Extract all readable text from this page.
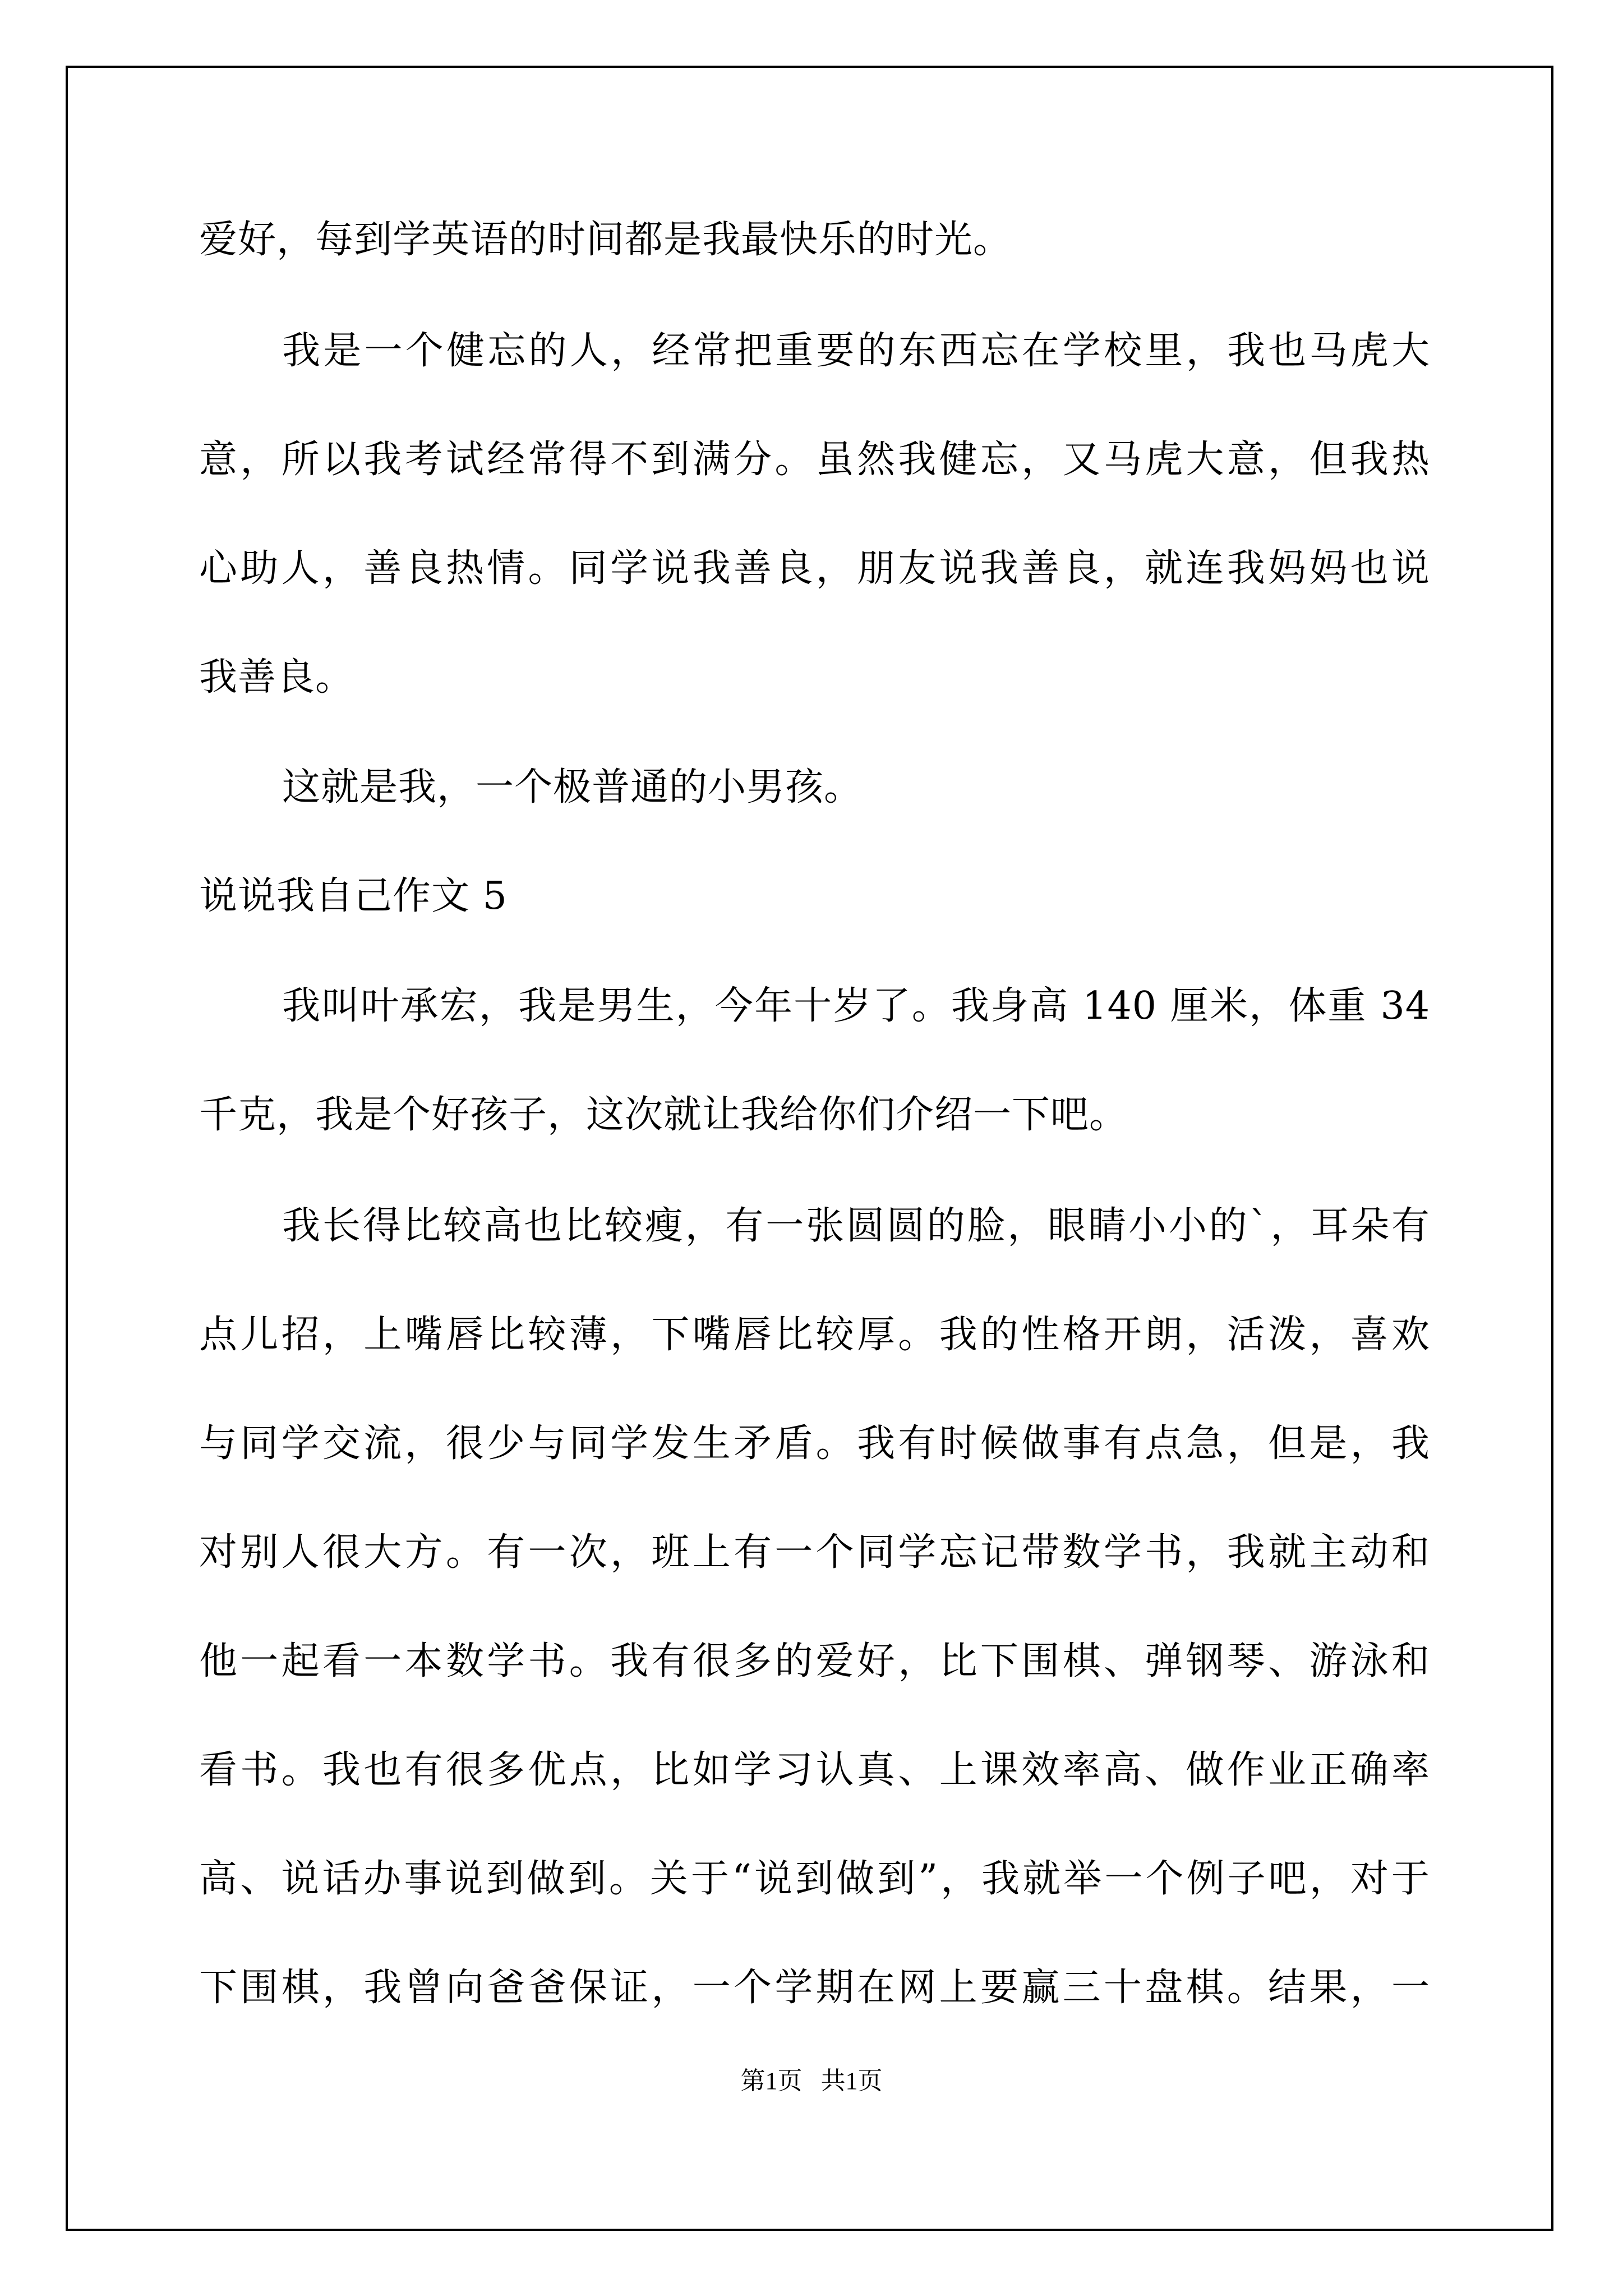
爱好，每到学英语的时间都是我最快乐的时光。
我是一个健忘的人，经常把重要的东西忘在学校里，我也马虎大
意，所以我考试经常得不到满分。虽然我健忘，又马虎大意，但我热
心助人，善良热情。同学说我善良，朋友说我善良，就连我妈妈也说
我善良。
这就是我，一个极普通的小男孩。
说说我自己作文 5
我叫叶承宏，我是男生，今年十岁了。我身高 140 厘米，体重 34
千克，我是个好孩子，这次就让我给你们介绍一下吧。
我长得比较高也比较瘦，有一张圆圆的脸，眼睛小小的`，耳朵有
点儿招，上嘴唇比较薄，下嘴唇比较厚。我的性格开朗，活泼，喜欢
与同学交流，很少与同学发生矛盾。我有时候做事有点急，但是，我
对别人很大方。有一次，班上有一个同学忘记带数学书，我就主动和
他一起看一本数学书。我有很多的爱好，比下围棋、弹钢琴、游泳和
看书。我也有很多优点，比如学习认真、上课效率高、做作业正确率
高、说话办事说到做到。关于“说到做到”，我就举一个例子吧，对于
下围棋，我曾向爸爸保证，一个学期在网上要赢三十盘棋。结果，一
第1页   共1页
